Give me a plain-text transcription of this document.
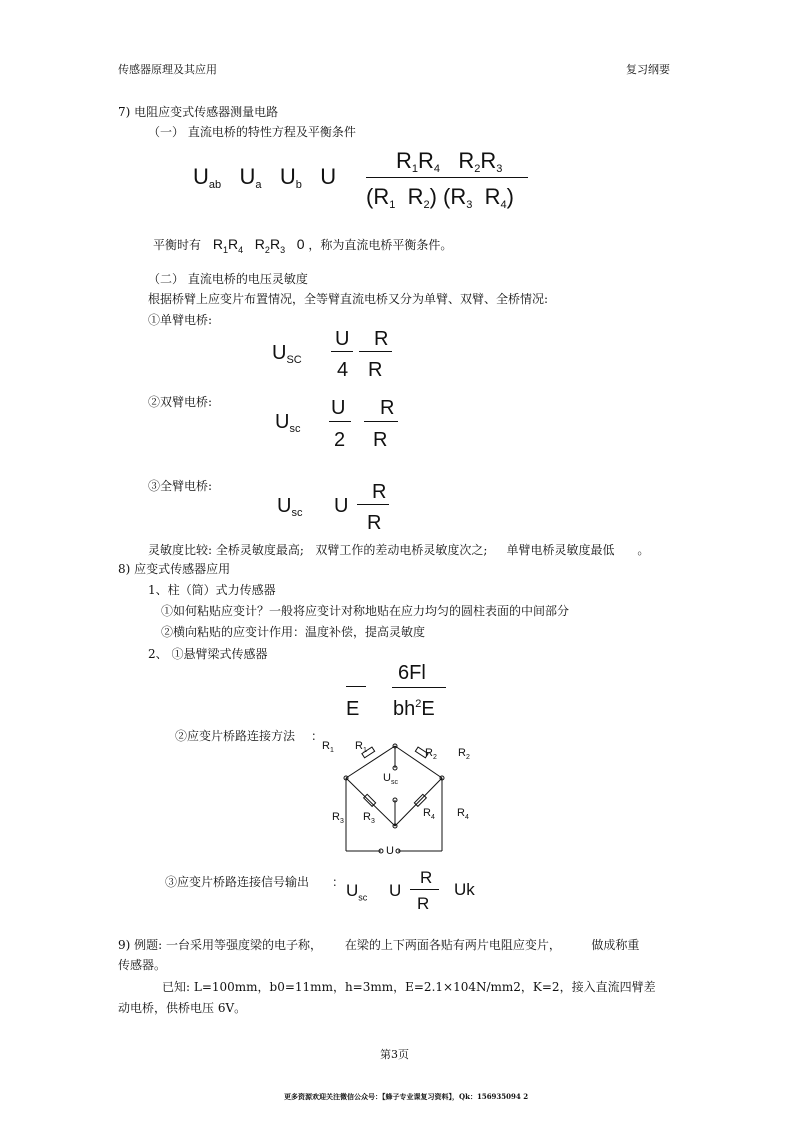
传感器原理及其应用	复习纲要
7) 电阻应变式传感器测量电路
（一） 直流电桥的特性方程及平衡条件
$U_{ab}$ $U_a$ $U_b$ U
$R_1R_4$ $R_2R_3$
($R_1$ $R_2$) ($R_3$ $R_4$)
平衡时有 $R_1R_4$ $R_2R_3$ 0 ，称为直流电桥平衡条件。
（二） 直流电桥的电压灵敏度
根据桥臂上应变片布置情况，全等臂直流电桥又分为单臂、双臂、全桥情况:
①单臂电桥:
$U_{SC}$
U
4
R
R
②双臂电桥:
$U_{sc}$
U
2
R
R
③全臂电桥:
$U_{sc}$ U
R
R
灵敏度比较: 全桥灵敏度最高; 双臂工作的差动电桥灵敏度次之; 单臂电桥灵敏度最低 。
8) 应变式传感器应用
1、柱（筒）式力传感器
①如何粘贴应变计？一般将应变计对称地贴在应力均匀的圆柱表面的中间部分
②横向粘贴的应变计作用：温度补偿，提高灵敏度
2、 ①悬臂梁式传感器
E
6Fl
$bh^2E$
②应变片桥路连接方法 ：
$R_1$ $R_1$	$R_2$ $R_2$
$U_{sc}$
$R_3$ $R_3$
$R_4$ $R_4$
U
③应变片桥路连接信号输出 ： $U_{sc}$ U
R
R
Uk
9) 例题: 一台采用等强度梁的电子称， 在梁的上下两面各贴有两片电阻应变片，	做成称重
传感器。
已知: L=100mm，b0=11mm，h=3mm，E=2.1×104N/mm2，K=2，接入直流四臂差
动电桥，供桥电压 6V。
第3页
更多资源欢迎关注微信公众号：【蜂子专业课复习资料】，Qk：156935094 2
